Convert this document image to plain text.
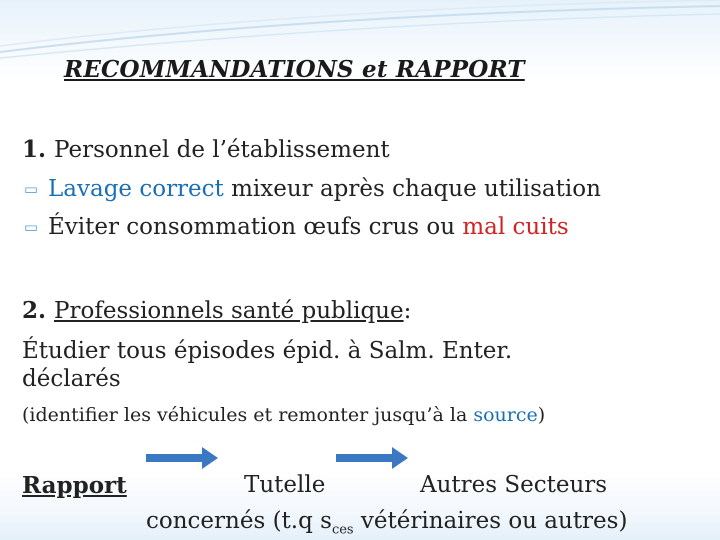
RECOMMANDATIONS et RAPPORT
1. Personnel de l’établissement
▭ Lavage correct mixeur après chaque utilisation
▭ Éviter consommation œufs crus ou mal cuits
2. Professionnels santé publique:
Étudier tous épisodes épid. à Salm. Enter.
déclarés
(identifier les véhicules et remonter jusqu’à la source)
Rapport	Tutelle	Autres Secteurs
concernés (t.q $s_{ces}$ vétérinaires ou autres)
